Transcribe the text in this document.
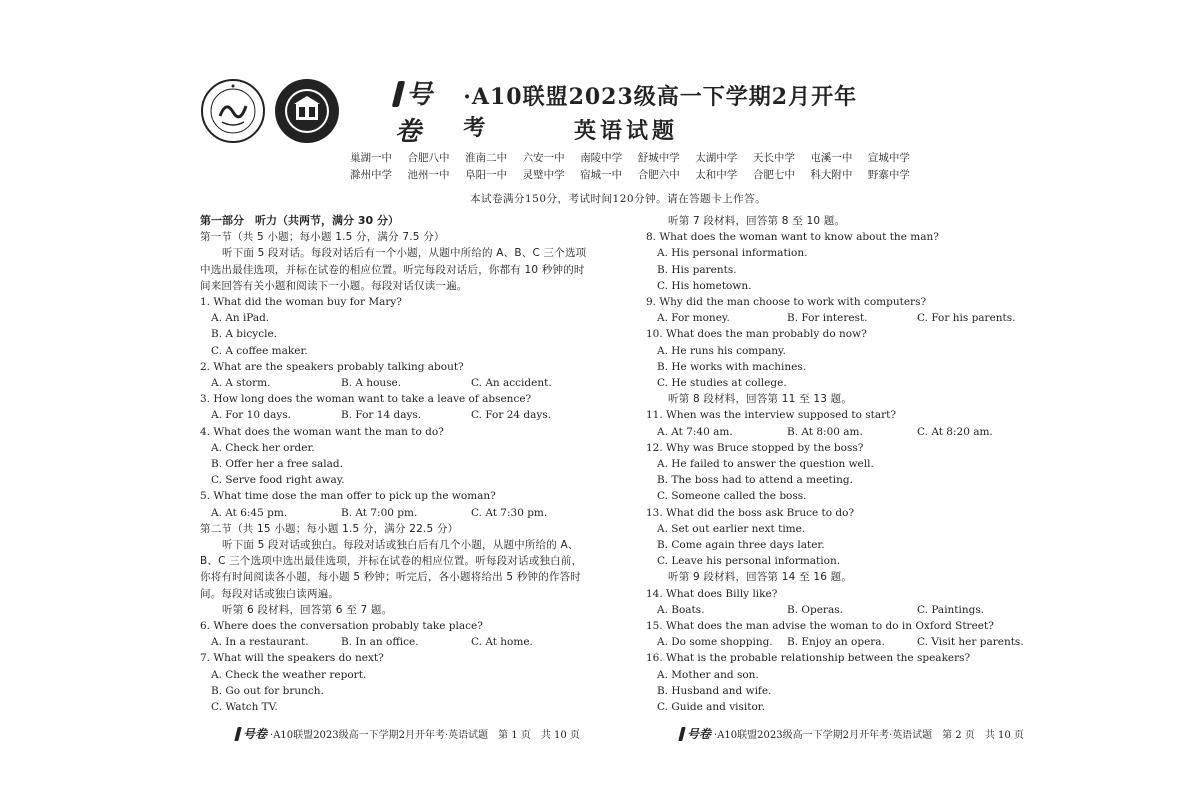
号卷
·A10联盟2023级高一下学期2月开年考	英语试题
巢湖一中 合肥八中 淮南二中 六安一中 南陵中学 舒城中学 太湖中学 天长中学 屯溪一中 宣城中学
滁州中学 池州一中 阜阳一中 灵璧中学 宿城一中 合肥六中 太和中学 合肥七中 科大附中 野寨中学
本试卷满分150分，考试时间120分钟。请在答题卡上作答。
第一部分　听力（共两节，满分 30 分）
第一节（共 5 小题；每小题 1.5 分，满分 7.5 分）
听下面 5 段对话。每段对话后有一个小题，从题中所给的 A、B、C 三个选项
中选出最佳选项，并标在试卷的相应位置。听完每段对话后，你都有 10 秒钟的时
间来回答有关小题和阅读下一小题。每段对话仅读一遍。
1. What did the woman buy for Mary?
A. An iPad.
B. A bicycle.
C. A coffee maker.
2. What are the speakers probably talking about?
A. A storm.	B. A house.	C. An accident.
3. How long does the woman want to take a leave of absence?
A. For 10 days.	B. For 14 days.	C. For 24 days.
4. What does the woman want the man to do?
A. Check her order.
B. Offer her a free salad.
C. Serve food right away.
5. What time dose the man offer to pick up the woman?
A. At 6:45 pm.	B. At 7:00 pm.	C. At 7:30 pm.
第二节（共 15 小题；每小题 1.5 分，满分 22.5 分）
听下面 5 段对话或独白。每段对话或独白后有几个小题，从题中所给的 A、
B、C 三个选项中选出最佳选项，并标在试卷的相应位置。听每段对话或独白前，
你将有时间阅读各小题，每小题 5 秒钟；听完后，各小题将给出 5 秒钟的作答时
间。每段对话或独白读两遍。
听第 6 段材料，回答第 6 至 7 题。
6. Where does the conversation probably take place?
A. In a restaurant.	B. In an office.	C. At home.
7. What will the speakers do next?
A. Check the weather report.
B. Go out for brunch.
C. Watch TV.
听第 7 段材料，回答第 8 至 10 题。
8. What does the woman want to know about the man?
A. His personal information.
B. His parents.
C. His hometown.
9. Why did the man choose to work with computers?
A. For money.	B. For interest.	C. For his parents.
10. What does the man probably do now?
A. He runs his company.
B. He works with machines.
C. He studies at college.
听第 8 段材料，回答第 11 至 13 题。
11. When was the interview supposed to start?
A. At 7:40 am.	B. At 8:00 am.	C. At 8:20 am.
12. Why was Bruce stopped by the boss?
A. He failed to answer the question well.
B. The boss had to attend a meeting.
C. Someone called the boss.
13. What did the boss ask Bruce to do?
A. Set out earlier next time.
B. Come again three days later.
C. Leave his personal information.
听第 9 段材料，回答第 14 至 16 题。
14. What does Billy like?
A. Boats.	B. Operas.	C. Paintings.
15. What does the man advise the woman to do in Oxford Street?
A. Do some shopping.	B. Enjoy an opera.	C. Visit her parents.
16. What is the probable relationship between the speakers?
A. Mother and son.
B. Husband and wife.
C. Guide and visitor.
号卷 ·A10联盟2023级高一下学期2月开年考·英语试题　第 1 页　共 10 页	号卷 ·A10联盟2023级高一下学期2月开年考·英语试题　第 2 页　共 10 页
